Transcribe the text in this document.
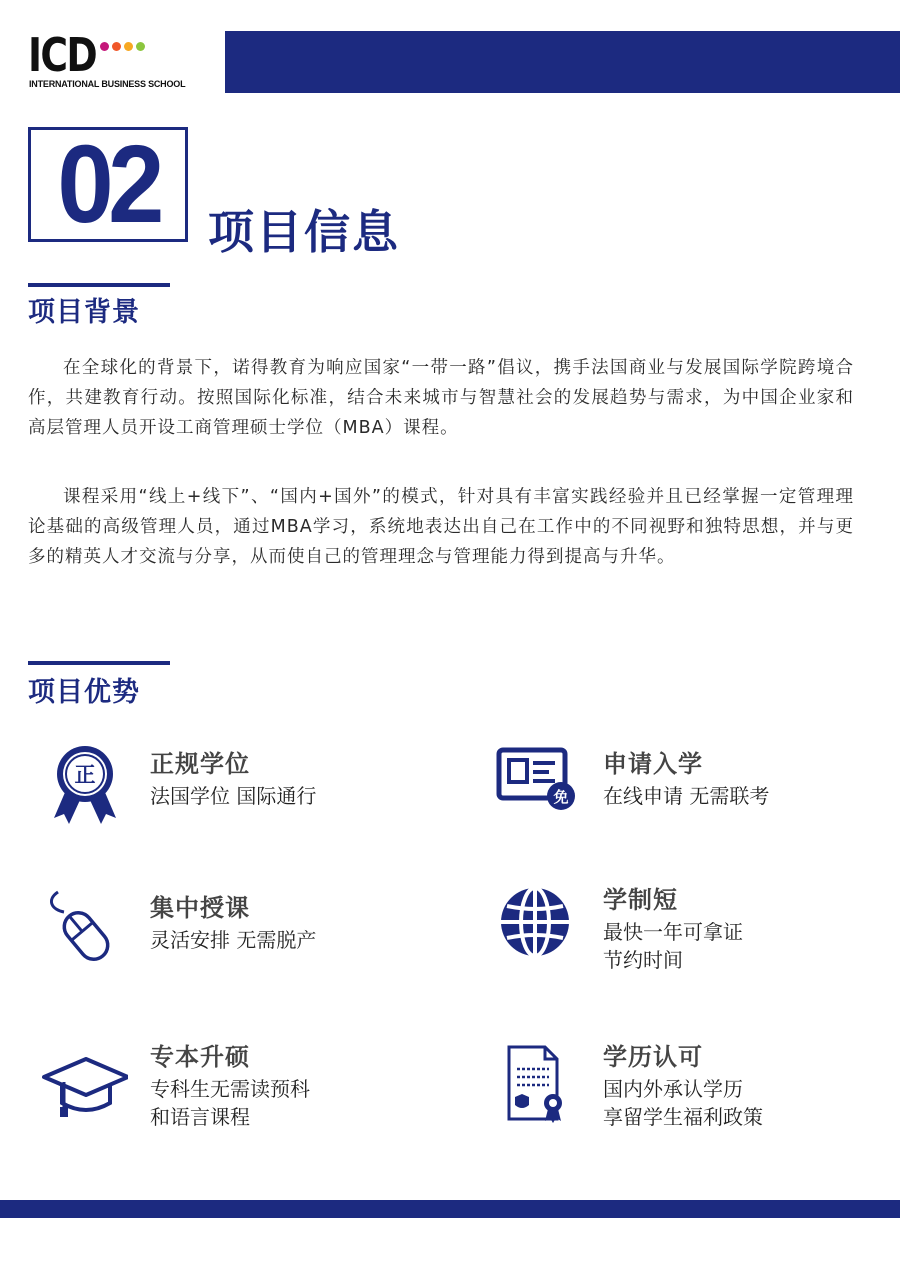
ICD
INTERNATIONAL BUSINESS SCHOOL
02 项目信息
项目背景

在全球化的背景下，诺得教育为响应国家“一带一路”倡议，携手法国商业与发展国际学院跨境合作，共建教育行动。按照国际化标准，结合未来城市与智慧社会的发展趋势与需求，为中国企业家和高层管理人员开设工商管理硕士学位（MBA）课程。

课程采用“线上+线下”、“国内+国外”的模式，针对具有丰富实践经验并且已经掌握一定管理理论基础的高级管理人员，通过MBA学习，系统地表达出自己在工作中的不同视野和独特思想，并与更多的精英人才交流与分享，从而使自己的管理理念与管理能力得到提高与升华。

项目优势
正 正规学位
法国学位 国际通行	免
申请入学
在线申请 无需联考
集中授课
灵活安排 无需脱产
学制短
最快一年可拿证
节约时间
专本升硕
专科生无需读预科
和语言课程
学历认可
国内外承认学历
享留学生福利政策
